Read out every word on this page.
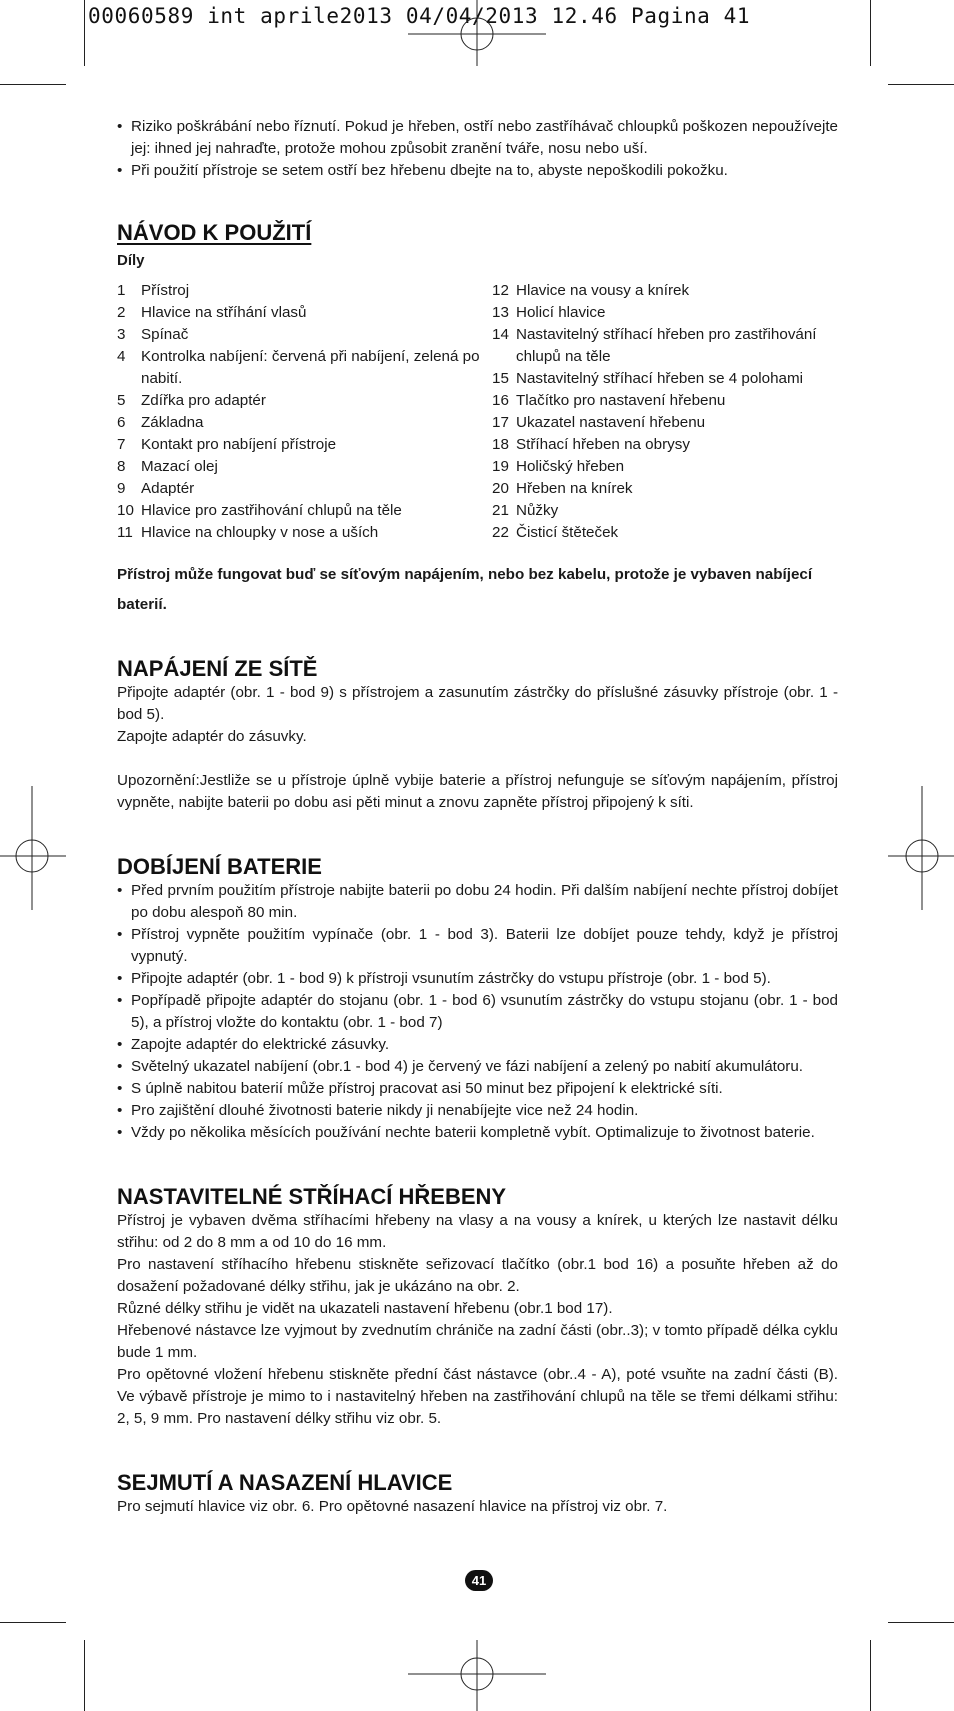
00060589 int aprile2013 04/04/2013 12.46 Pagina 41
• Riziko poškrábání nebo říznutí. Pokud je hřeben, ostří nebo zastříhávač chloupků poškozen nepoužívejte jej: ihned jej nahraďte, protože mohou způsobit zranění tváře, nosu nebo uší.
• Při použití přístroje se setem ostří bez hřebenu dbejte na to, abyste nepoškodili pokožku.
NÁVOD K POUŽITÍ
Díly
1	Přístroj
2	Hlavice na stříhání vlasů
3	Spínač
4	Kontrolka nabíjení: červená při nabíjení, zelená po nabití.
5	Zdířka pro adaptér
6	Základna
7	Kontakt pro nabíjení přístroje
8	Mazací olej
9	Adaptér
10 Hlavice pro zastřihování chlupů na těle
11 Hlavice na chloupky v nose a uších
12 Hlavice na vousy a knírek
13 Holicí hlavice
14 Nastavitelný stříhací hřeben pro zastřihování chlupů na těle
15 Nastavitelný stříhací hřeben se 4 polohami
16 Tlačítko pro nastavení hřebenu
17 Ukazatel nastavení hřebenu
18 Stříhací hřeben na obrysy
19 Holičský hřeben
20 Hřeben na knírek
21 Nůžky
22 Čisticí štěteček
Přístroj může fungovat buď se síťovým napájením, nebo bez kabelu, protože je vybaven nabíjecí baterií.
NAPÁJENÍ ZE SÍTĚ

Připojte adaptér (obr. 1 - bod 9) s přístrojem a zasunutím zástrčky do příslušné zásuvky přístroje (obr. 1 - bod 5).

Zapojte adaptér do zásuvky.

Upozornění:Jestliže se u přístroje úplně vybije baterie a přístroj nefunguje se síťovým napájením, přístroj vypněte, nabijte baterii po dobu asi pěti minut a znovu zapněte přístroj připojený k síti.

DOBÍJENÍ BATERIE
• Před prvním použitím přístroje nabijte baterii po dobu 24 hodin. Při dalším nabíjení nechte přístroj dobíjet po dobu alespoň 80 min.
• Přístroj vypněte použitím vypínače (obr. 1 - bod 3). Baterii lze dobíjet pouze tehdy, když je přístroj vypnutý.
• Připojte adaptér (obr. 1 - bod 9) k přístroji vsunutím zástrčky do vstupu přístroje (obr. 1 - bod 5).
• Popřípadě připojte adaptér do stojanu (obr. 1 - bod 6) vsunutím zástrčky do vstupu stojanu (obr. 1 - bod 5), a přístroj vložte do kontaktu (obr. 1 - bod 7)
• Zapojte adaptér do elektrické zásuvky.
• Světelný ukazatel nabíjení (obr.1 - bod 4) je červený ve fázi nabíjení a zelený po nabití akumulátoru.
• S úplně nabitou baterií může přístroj pracovat asi 50 minut bez připojení k elektrické síti.
• Pro zajištění dlouhé životnosti baterie nikdy ji nenabíjejte vice než 24 hodin.
• Vždy po několika měsících používání nechte baterii kompletně vybít. Optimalizuje to životnost baterie.
NASTAVITELNÉ STŘÍHACÍ HŘEBENY

Přístroj je vybaven dvěma stříhacími hřebeny na vlasy a na vousy a knírek, u kterých lze nastavit délku střihu: od 2 do 8 mm a od 10 do 16 mm.

Pro nastavení stříhacího hřebenu stiskněte seřizovací tlačítko (obr.1 bod 16) a posuňte hřeben až do dosažení požadované délky střihu, jak je ukázáno na obr. 2.

Různé délky střihu je vidět na ukazateli nastavení hřebenu (obr.1 bod 17).

Hřebenové nástavce lze vyjmout by zvednutím chrániče na zadní části (obr..3); v tomto případě délka cyklu bude 1 mm.

Pro opětovné vložení hřebenu stiskněte přední část nástavce (obr..4 - A), poté vsuňte na zadní části (B). Ve výbavě přístroje je mimo to i nastavitelný hřeben na zastřihování chlupů na těle se třemi délkami střihu: 2, 5, 9 mm. Pro nastavení délky střihu viz obr. 5.

SEJMUTÍ A NASAZENÍ HLAVICE

Pro sejmutí hlavice viz obr. 6. Pro opětovné nasazení hlavice na přístroj viz obr. 7.

41
